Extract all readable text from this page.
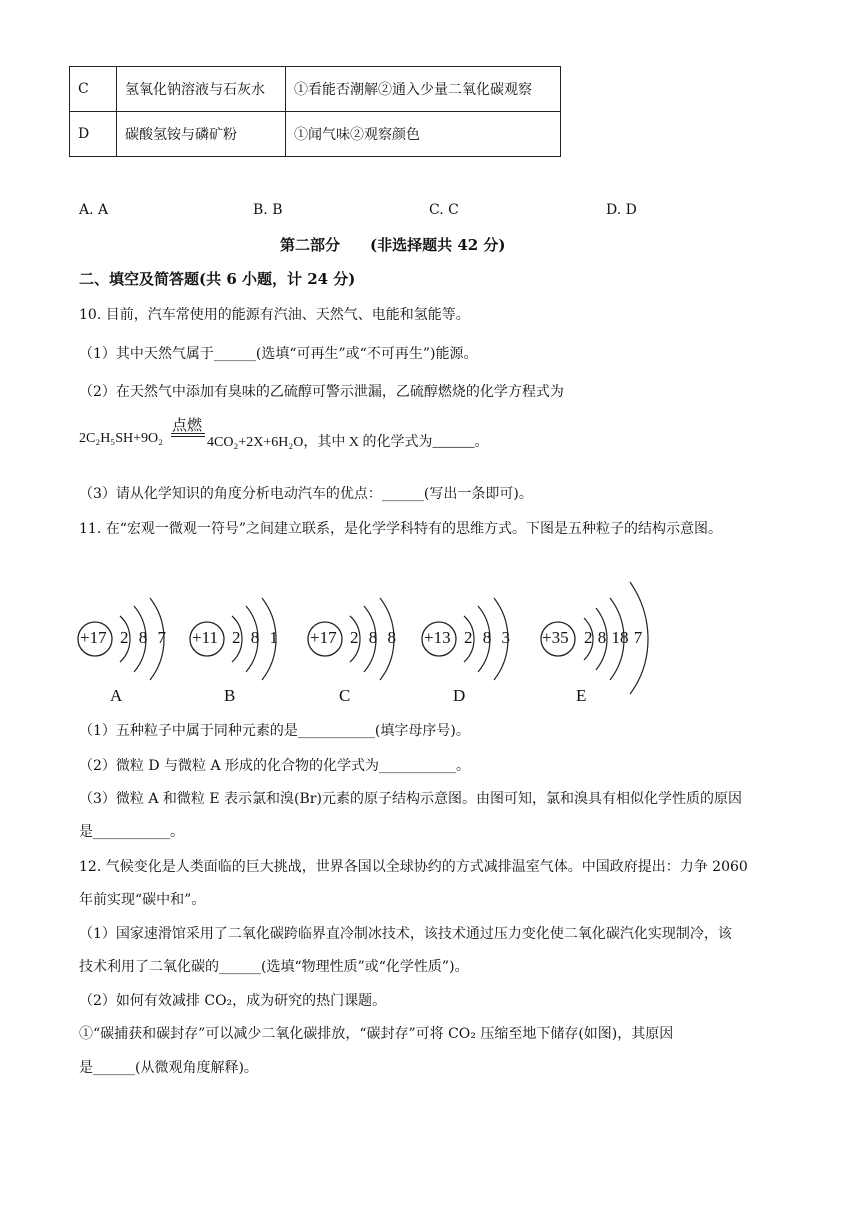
C	氢氧化钠溶液与石灰水	①看能否潮解②通入少量二氧化碳观察
D	碳酸氢铵与磷矿粉	①闻气味②观察颜色
A. A	B. B	C. C	D. D
第二部分　　(非选择题共 42 分)
二、填空及简答题(共 6 小题，计 24 分)
10. 目前，汽车常使用的能源有汽油、天然气、电能和氢能等。
（1）其中天然气属于______(选填“可再生”或“不可再生”)能源。
（2）在天然气中添加有臭味的乙硫醇可警示泄漏，乙硫醇燃烧的化学方程式为
点燃
2C₂H₅SH+9O₂	4CO₂+2X+6H₂O，其中 X 的化学式为______。
（3）请从化学知识的角度分析电动汽车的优点：______(写出一条即可)。
11. 在“宏观一微观一符号”之间建立联系，是化学学科特有的思维方式。下图是五种粒子的结构示意图。
+17 2 8 7
A
+11 2 8 1
B
+17 2 8 8
C
+13 2 8 3
D
+35 2 8 18 7
E
（1）五种粒子中属于同种元素的是___________(填字母序号)。
（2）微粒 D 与微粒 A 形成的化合物的化学式为___________。
（3）微粒 A 和微粒 E 表示氯和溴(Br)元素的原子结构示意图。由图可知，氯和溴具有相似化学性质的原因
是___________。
12. 气候变化是人类面临的巨大挑战，世界各国以全球协约的方式减排温室气体。中国政府提出：力争 2060
年前实现“碳中和”。
（1）国家速滑馆采用了二氧化碳跨临界直冷制冰技术，该技术通过压力变化使二氧化碳汽化实现制冷，该
技术利用了二氧化碳的______(选填“物理性质”或“化学性质”)。
（2）如何有效减排 CO₂，成为研究的热门课题。
①“碳捕获和碳封存”可以减少二氧化碳排放，“碳封存”可将 CO₂ 压缩至地下储存(如图)，其原因
是______(从微观角度解释)。
